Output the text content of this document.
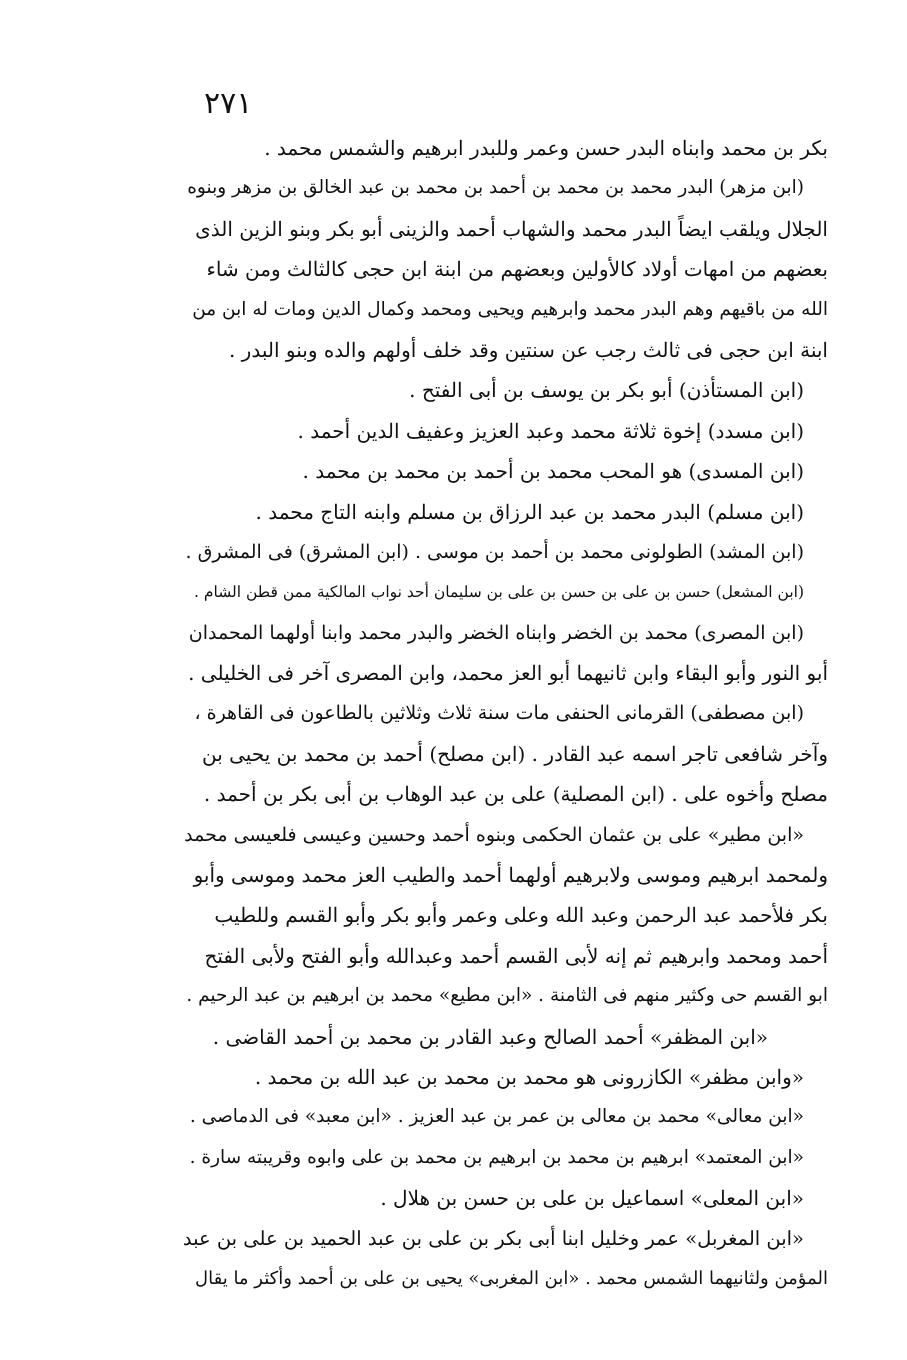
٢٧١
بكر بن محمد وابناه البدر حسن وعمر وللبدر ابرهيم والشمس محمد .
(ابن مزهر) البدر محمد بن محمد بن أحمد بن محمد بن عبد الخالق بن مزهر وبنوه
الجلال ويلقب ايضاً البدر محمد والشهاب أحمد والزينى أبو بكر وبنو الزين الذى
بعضهم من امهات أولاد كالأولين وبعضهم من ابنة ابن حجى كالثالث ومن شاء
الله من باقيهم وهم البدر محمد وابرهيم ويحيى ومحمد وكمال الدين ومات له ابن من
ابنة ابن حجى فى ثالث رجب عن سنتين وقد خلف أولهم والده وبنو البدر .
(ابن المستأذن) أبو بكر بن يوسف بن أبى الفتح .
(ابن مسدد) إخوة ثلاثة محمد وعبد العزيز وعفيف الدين أحمد .
(ابن المسدى) هو المحب محمد بن أحمد بن محمد بن محمد .
(ابن مسلم) البدر محمد بن عبد الرزاق بن مسلم وابنه التاج محمد .
(ابن المشد) الطولونى محمد بن أحمد بن موسى . (ابن المشرق) فى المشرق .
(ابن المشعل) حسن بن على بن حسن بن على بن سليمان أحد نواب المالكية ممن قطن الشام .
(ابن المصرى) محمد بن الخضر وابناه الخضر والبدر محمد وابنا أولهما المحمدان
أبو النور وأبو البقاء وابن ثانيهما أبو العز محمد، وابن المصرى آخر فى الخليلى .
(ابن مصطفى) القرمانى الحنفى مات سنة ثلاث وثلاثين بالطاعون فى القاهرة ،
وآخر شافعى تاجر اسمه عبد القادر . (ابن مصلح) أحمد بن محمد بن يحيى بن
مصلح وأخوه على . (ابن المصلية) على بن عبد الوهاب بن أبى بكر بن أحمد .
«ابن مطير» على بن عثمان الحكمى وبنوه أحمد وحسين وعيسى فلعيسى محمد
ولمحمد ابرهيم وموسى ولابرهيم أولهما أحمد والطيب العز محمد وموسى وأبو
بكر فلأحمد عبد الرحمن وعبد الله وعلى وعمر وأبو بكر وأبو القسم وللطيب
أحمد ومحمد وابرهيم ثم إنه لأبى القسم أحمد وعبدالله وأبو الفتح ولأبى الفتح
ابو القسم حى وكثير منهم فى الثامنة . «ابن مطيع» محمد بن ابرهيم بن عبد الرحيم .
«ابن المظفر» أحمد الصالح وعبد القادر بن محمد بن أحمد القاضى .
«وابن مظفر» الكازرونى هو محمد بن محمد بن عبد الله بن محمد .
«ابن معالى» محمد بن معالى بن عمر بن عبد العزيز . «ابن معبد» فى الدماصى .
«ابن المعتمد» ابرهيم بن محمد بن ابرهيم بن محمد بن على وابوه وقريبته سارة .
«ابن المعلى» اسماعيل بن على بن حسن بن هلال .
«ابن المغربل» عمر وخليل ابنا أبى بكر بن على بن عبد الحميد بن على بن عبد
المؤمن ولثانيهما الشمس محمد . «ابن المغربى» يحيى بن على بن أحمد وأكثر ما يقال
